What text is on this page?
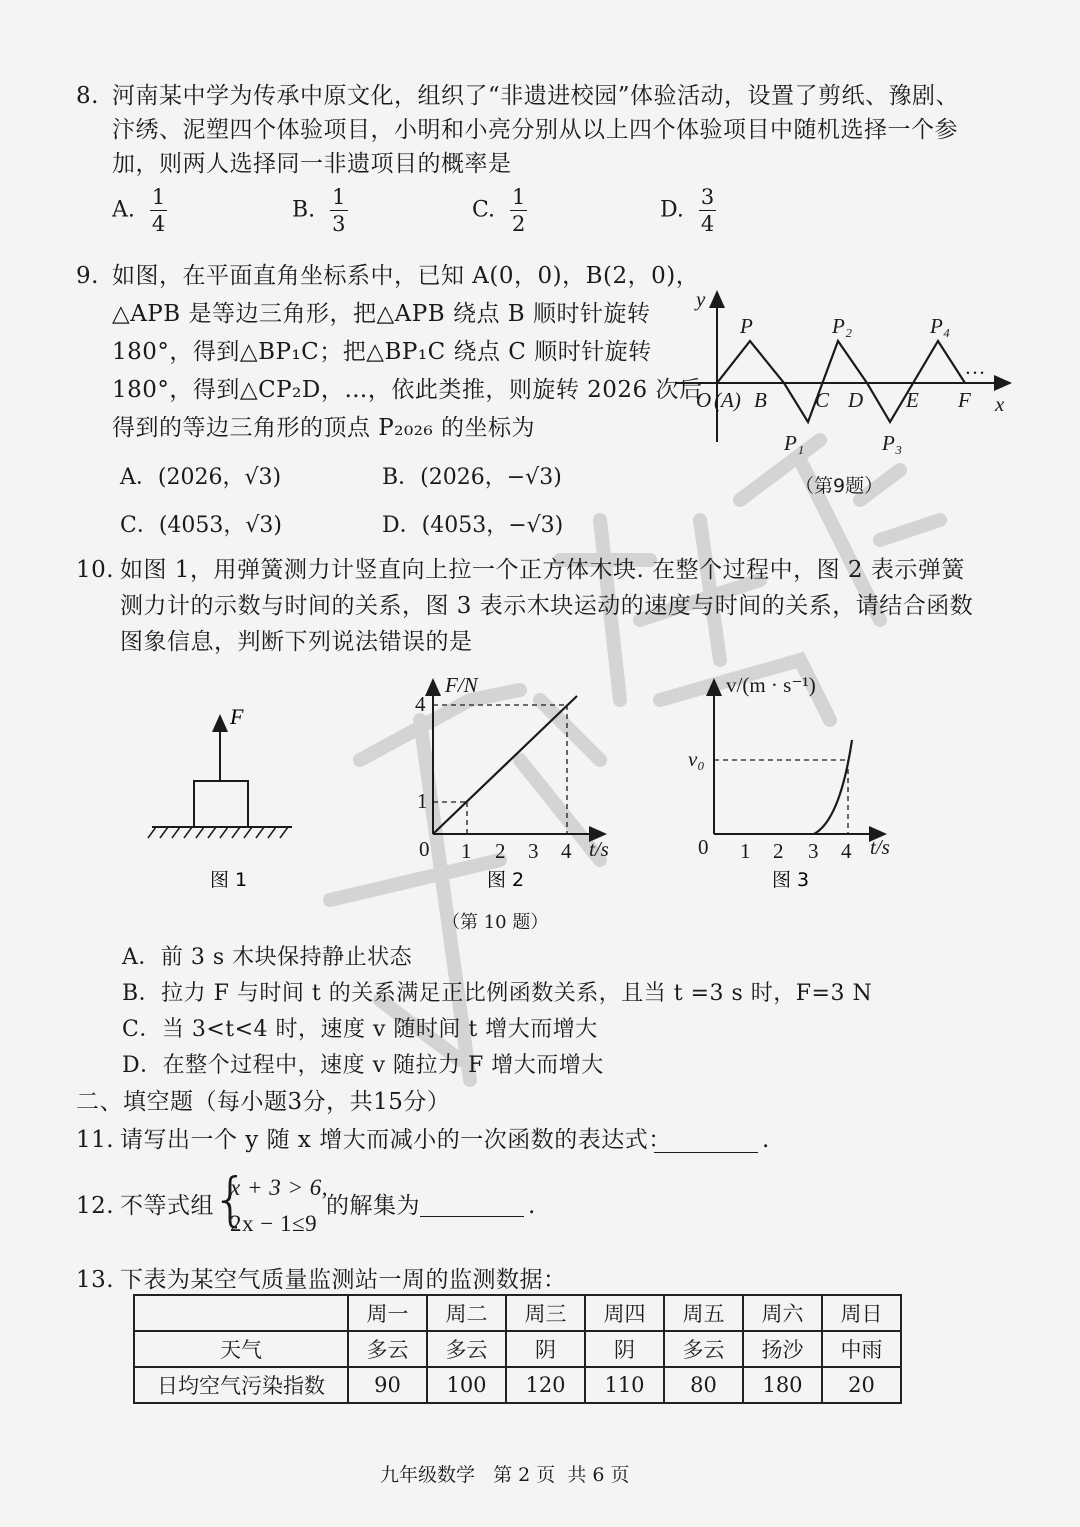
8. 河南某中学为传承中原文化，组织了“非遗进校园”体验活动，设置了剪纸、豫剧、
汴绣、泥塑四个体验项目，小明和小亮分别从以上四个体验项目中随机选择一个参
加，则两人选择同一非遗项目的概率是
A. $\frac{1}{4}$	B. $\frac{1}{3}$	C. $\frac{1}{2}$	D. $\frac{3}{4}$
9. 如图，在平面直角坐标系中，已知 A(0，0)，B(2，0)，
△APB 是等边三角形，把△APB 绕点 B 顺时针旋转
180°，得到△BP₁C；把△BP₁C 绕点 C 顺时针旋转
180°，得到△CP₂D，…，依此类推，则旋转 2026 次后
得到的等边三角形的顶点 P₂₀₂₆ 的坐标为
A．(2026，√3)	B．(2026，−√3)
C．(4053，√3)	D．(4053，−√3)
y
x
O
P	P₂	P₄
P₁	P₃
(A) B C D E F
…
（第9题）
10. 如图 1，用弹簧测力计竖直向上拉一个正方体木块. 在整个过程中，图 2 表示弹簧
测力计的示数与时间的关系，图 3 表示木块运动的速度与时间的关系，请结合函数
图象信息，判断下列说法错误的是
F
图 1
F/N
t/s
4
1
0 1 2 3 4
图 2
v/(m · s⁻¹)
t/s
v₀
0 1 2 3 4
图 3
（第 10 题）
A．前 3 s 木块保持静止状态
B．拉力 F 与时间 t 的关系满足正比例函数关系，且当 t =3 s 时，F=3 N
C．当 3<t<4 时，速度 v 随时间 t 增大而增大
D．在整个过程中，速度 v 随拉力 F 增大而增大
二、填空题（每小题3分，共15分）
11. 请写出一个 y 随 x 增大而减小的一次函数的表达式：	.
12. 不等式组
{
x + 3 > 6,
2x − 1≤9
的解集为	.
13. 下表为某空气质量监测站一周的监测数据：
	周一	周二	周三	周四	周五	周六	周日
天气	多云	多云	阴	阴	多云	扬沙	中雨
日均空气污染指数	90	100	120	110	80	180	20
九年级数学   第 2 页  共 6 页
